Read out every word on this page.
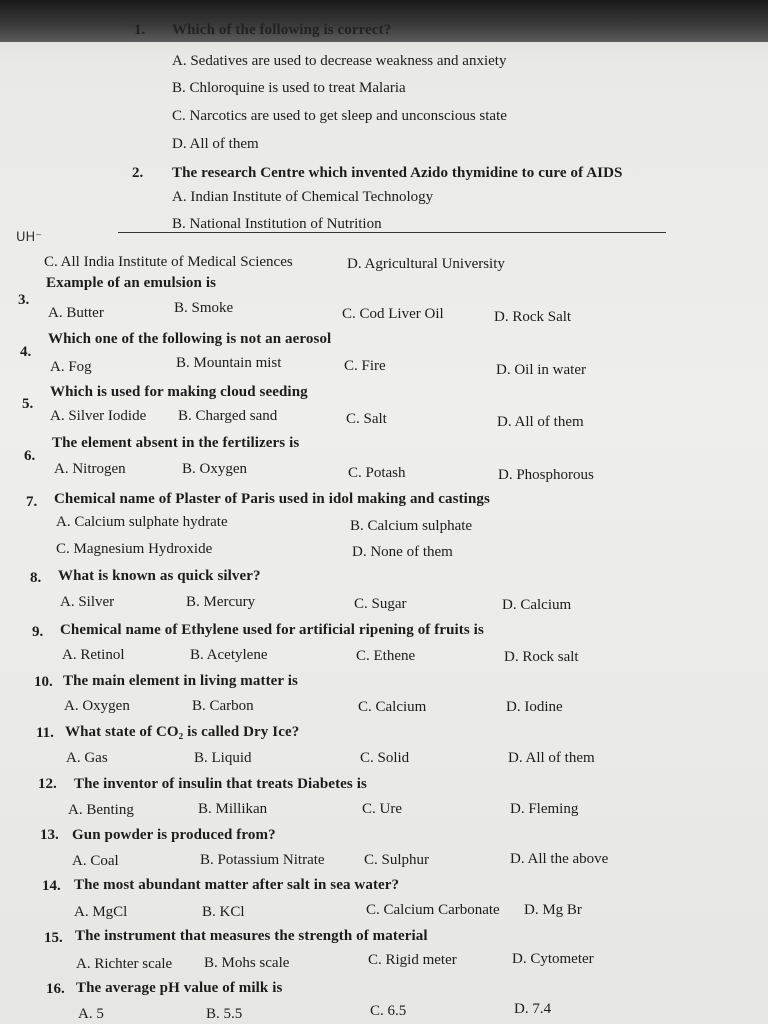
ᑌᕼ⁻
1. Which of the following is correct?
A. Sedatives are used to decrease weakness and anxiety
B. Chloroquine is used to treat Malaria
C. Narcotics are used to get sleep and unconscious state
D. All of them
2. The research Centre which invented Azido thymidine to cure of AIDS
A. Indian Institute of Chemical Technology
B. National Institution of Nutrition
C. All India Institute of Medical Sciences	D. Agricultural University
3.
Example of an emulsion is
A. Butter	B. Smoke	C. Cod Liver Oil	D. Rock Salt
4.
Which one of the following is not an aerosol
A. Fog	B. Mountain mist	C. Fire	D. Oil in water
5.
Which is used for making cloud seeding
A. Silver Iodide B. Charged sand	C. Salt	D. All of them
6.
The element absent in the fertilizers is
A. Nitrogen	B. Oxygen	C. Potash	D. Phosphorous
7. Chemical name of Plaster of Paris used in idol making and castings
A. Calcium sulphate hydrate	B. Calcium sulphate
C. Magnesium Hydroxide	D. None of them
8. What is known as quick silver?
A. Silver	B. Mercury	C. Sugar	D. Calcium
9. Chemical name of Ethylene used for artificial ripening of fruits is
A. Retinol	B. Acetylene	C. Ethene	D. Rock salt
10. The main element in living matter is
A. Oxygen	B. Carbon	C. Calcium	D. Iodine
11. What state of CO₂ is called Dry Ice?
A. Gas	B. Liquid	C. Solid	D. All of them
12. The inventor of insulin that treats Diabetes is
A. Benting	B. Millikan	C. Ure	D. Fleming
13. Gun powder is produced from?
A. Coal	B. Potassium Nitrate	C. Sulphur	D. All the above
14. The most abundant matter after salt in sea water?
A. MgCl	B. KCl	C. Calcium Carbonate D. Mg Br
15. The instrument that measures the strength of material
A. Richter scale B. Mohs scale	C. Rigid meter	D. Cytometer
16. The average pH value of milk is
A. 5	B. 5.5	C. 6.5	D. 7.4
